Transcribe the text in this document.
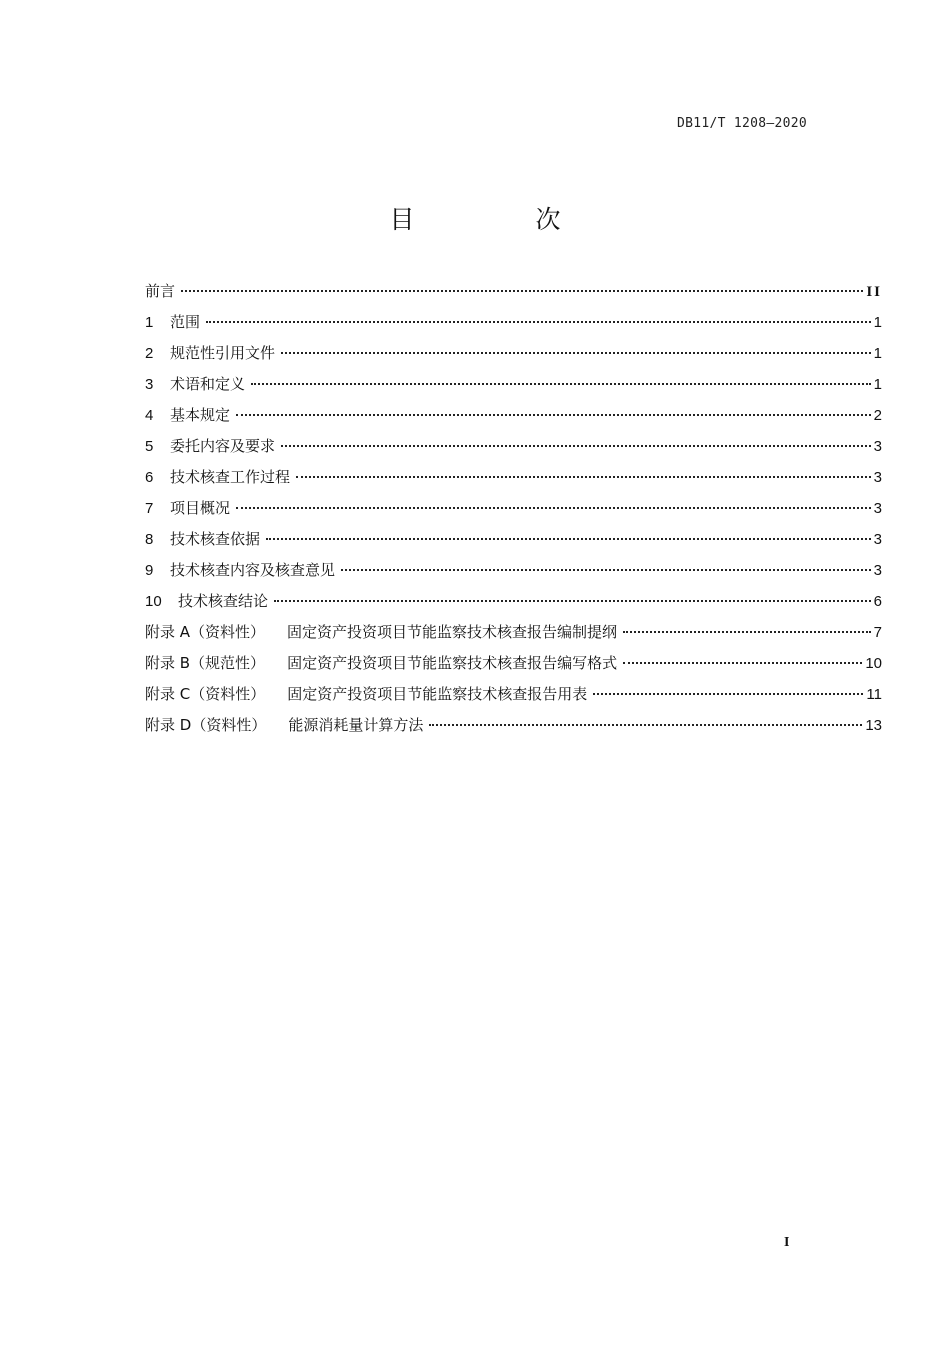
DB11/T 1208—2020
目　次
前言	II
1	范围	1
2	规范性引用文件	1
3	术语和定义	1
4	基本规定	2
5	委托内容及要求	3
6	技术核查工作过程	3
7	项目概况	3
8	技术核查依据	3
9	技术核查内容及核查意见	3
10	技术核查结论	6
附录 A（资料性）	固定资产投资项目节能监察技术核查报告编制提纲	7
附录 B（规范性）	固定资产投资项目节能监察技术核查报告编写格式	10
附录 C（资料性）	固定资产投资项目节能监察技术核查报告用表	11
附录 D（资料性）	能源消耗量计算方法	13
I
